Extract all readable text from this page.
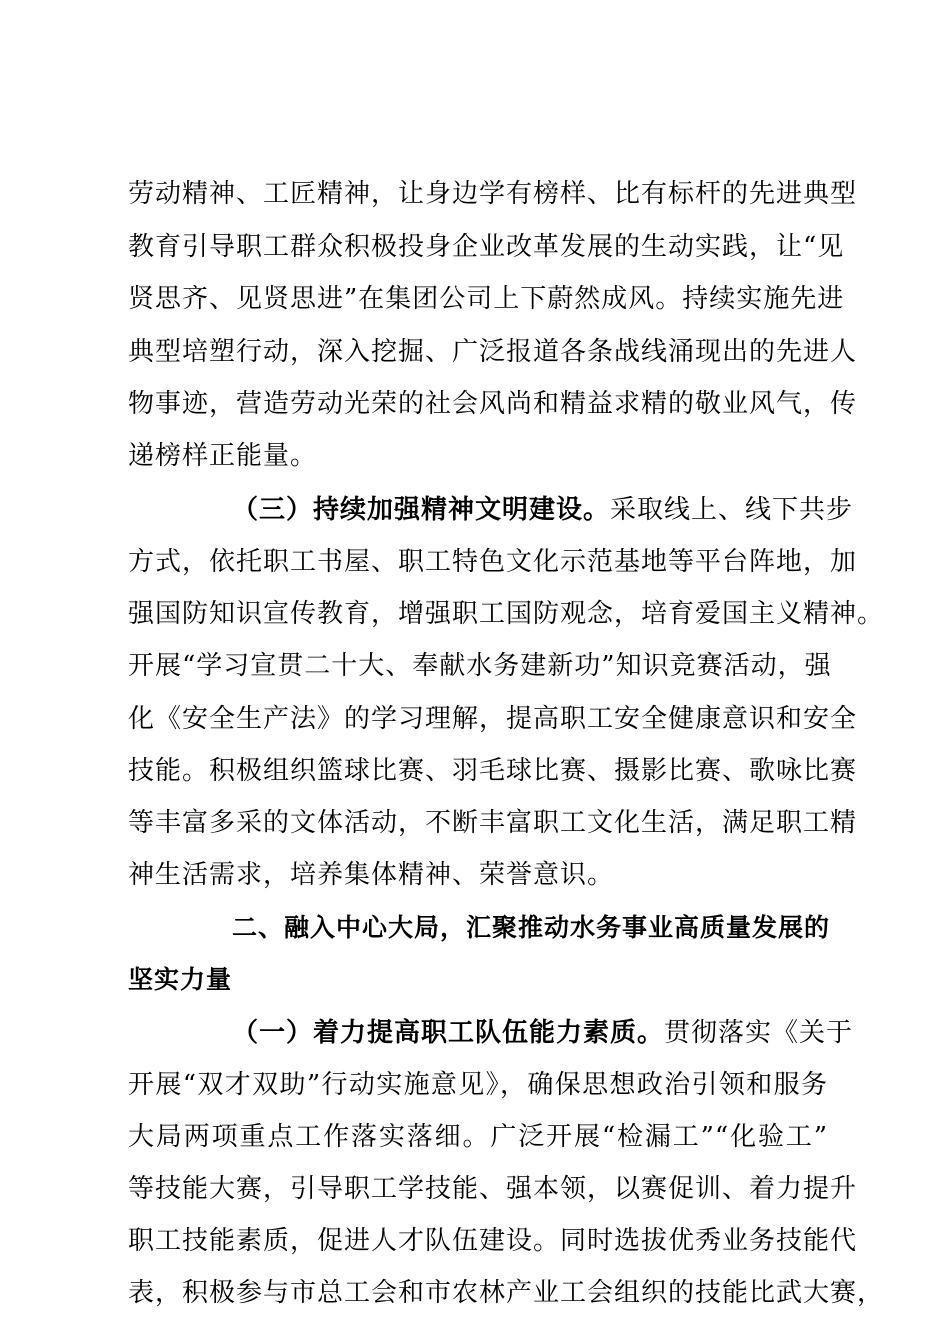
劳动精神、工匠精神，让身边学有榜样、比有标杆的先进典型
教育引导职工群众积极投身企业改革发展的生动实践，让“见
贤思齐、见贤思进”在集团公司上下蔚然成风。持续实施先进
典型培塑行动，深入挖掘、广泛报道各条战线涌现出的先进人
物事迹，营造劳动光荣的社会风尚和精益求精的敬业风气，传
递榜样正能量。
（三）持续加强精神文明建设。采取线上、线下共步
方式，依托职工书屋、职工特色文化示范基地等平台阵地，加
强国防知识宣传教育，增强职工国防观念，培育爱国主义精神。
开展“学习宣贯二十大、奉献水务建新功”知识竞赛活动，强
化《安全生产法》的学习理解，提高职工安全健康意识和安全
技能。积极组织篮球比赛、羽毛球比赛、摄影比赛、歌咏比赛
等丰富多采的文体活动，不断丰富职工文化生活，满足职工精
神生活需求，培养集体精神、荣誉意识。
二、融入中心大局，汇聚推动水务事业高质量发展的
坚实力量
（一）着力提高职工队伍能力素质。贯彻落实《关于
开展“双才双助”行动实施意见》，确保思想政治引领和服务
大局两项重点工作落实落细。广泛开展“检漏工”“化验工”
等技能大赛，引导职工学技能、强本领，以赛促训、着力提升
职工技能素质，促进人才队伍建设。同时选拔优秀业务技能代
表，积极参与市总工会和市农林产业工会组织的技能比武大赛，
